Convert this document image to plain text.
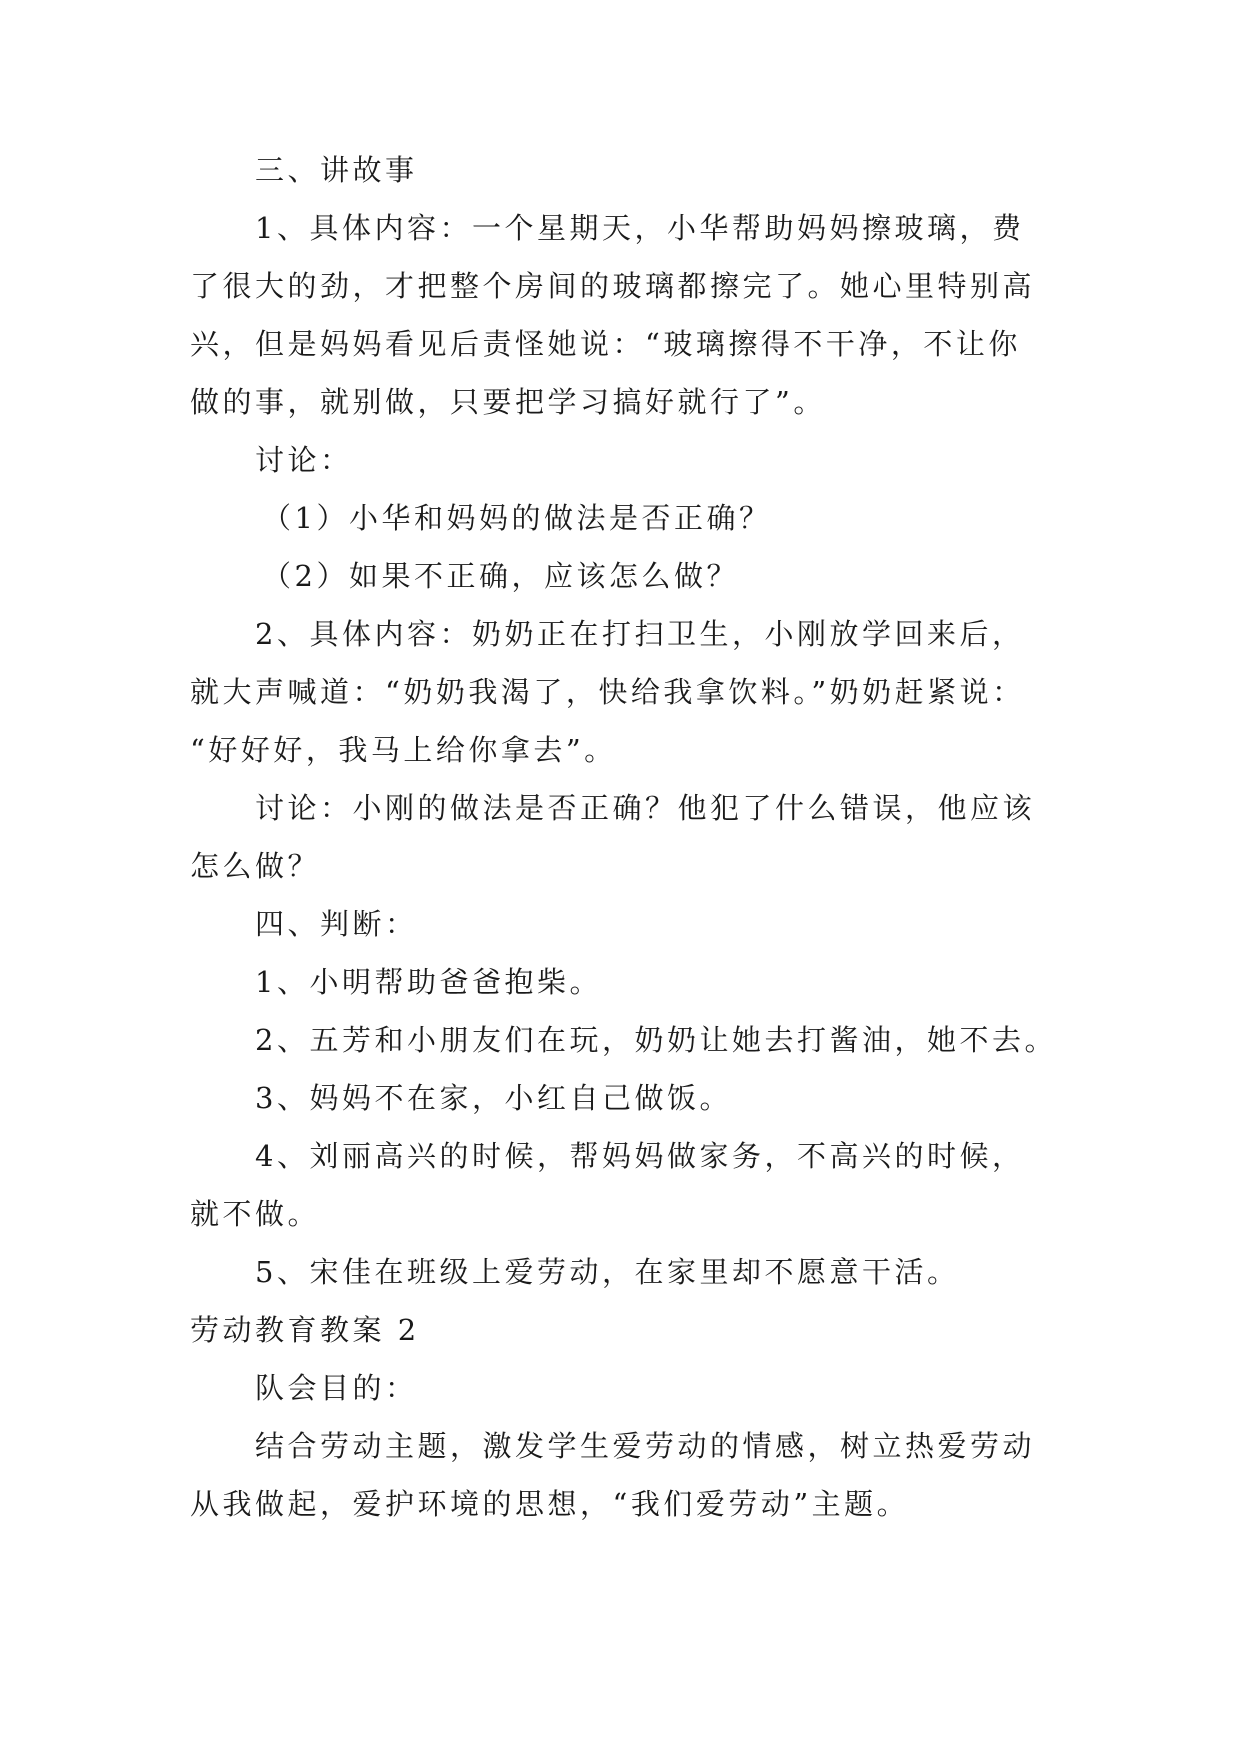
三、讲故事
1、具体内容：一个星期天，小华帮助妈妈擦玻璃，费
了很大的劲，才把整个房间的玻璃都擦完了。她心里特别高
兴，但是妈妈看见后责怪她说：“玻璃擦得不干净，不让你
做的事，就别做，只要把学习搞好就行了”。
讨论：
（1）小华和妈妈的做法是否正确？
（2）如果不正确，应该怎么做？
2、具体内容：奶奶正在打扫卫生，小刚放学回来后，
就大声喊道：“奶奶我渴了，快给我拿饮料。”奶奶赶紧说：
“好好好，我马上给你拿去”。
讨论：小刚的做法是否正确？他犯了什么错误，他应该
怎么做？
四、判断：
1、小明帮助爸爸抱柴。
2、五芳和小朋友们在玩，奶奶让她去打酱油，她不去。
3、妈妈不在家，小红自己做饭。
4、刘丽高兴的时候，帮妈妈做家务，不高兴的时候，
就不做。
5、宋佳在班级上爱劳动，在家里却不愿意干活。
劳动教育教案 2
队会目的：
结合劳动主题，激发学生爱劳动的情感，树立热爱劳动
从我做起，爱护环境的思想，“我们爱劳动”主题。
